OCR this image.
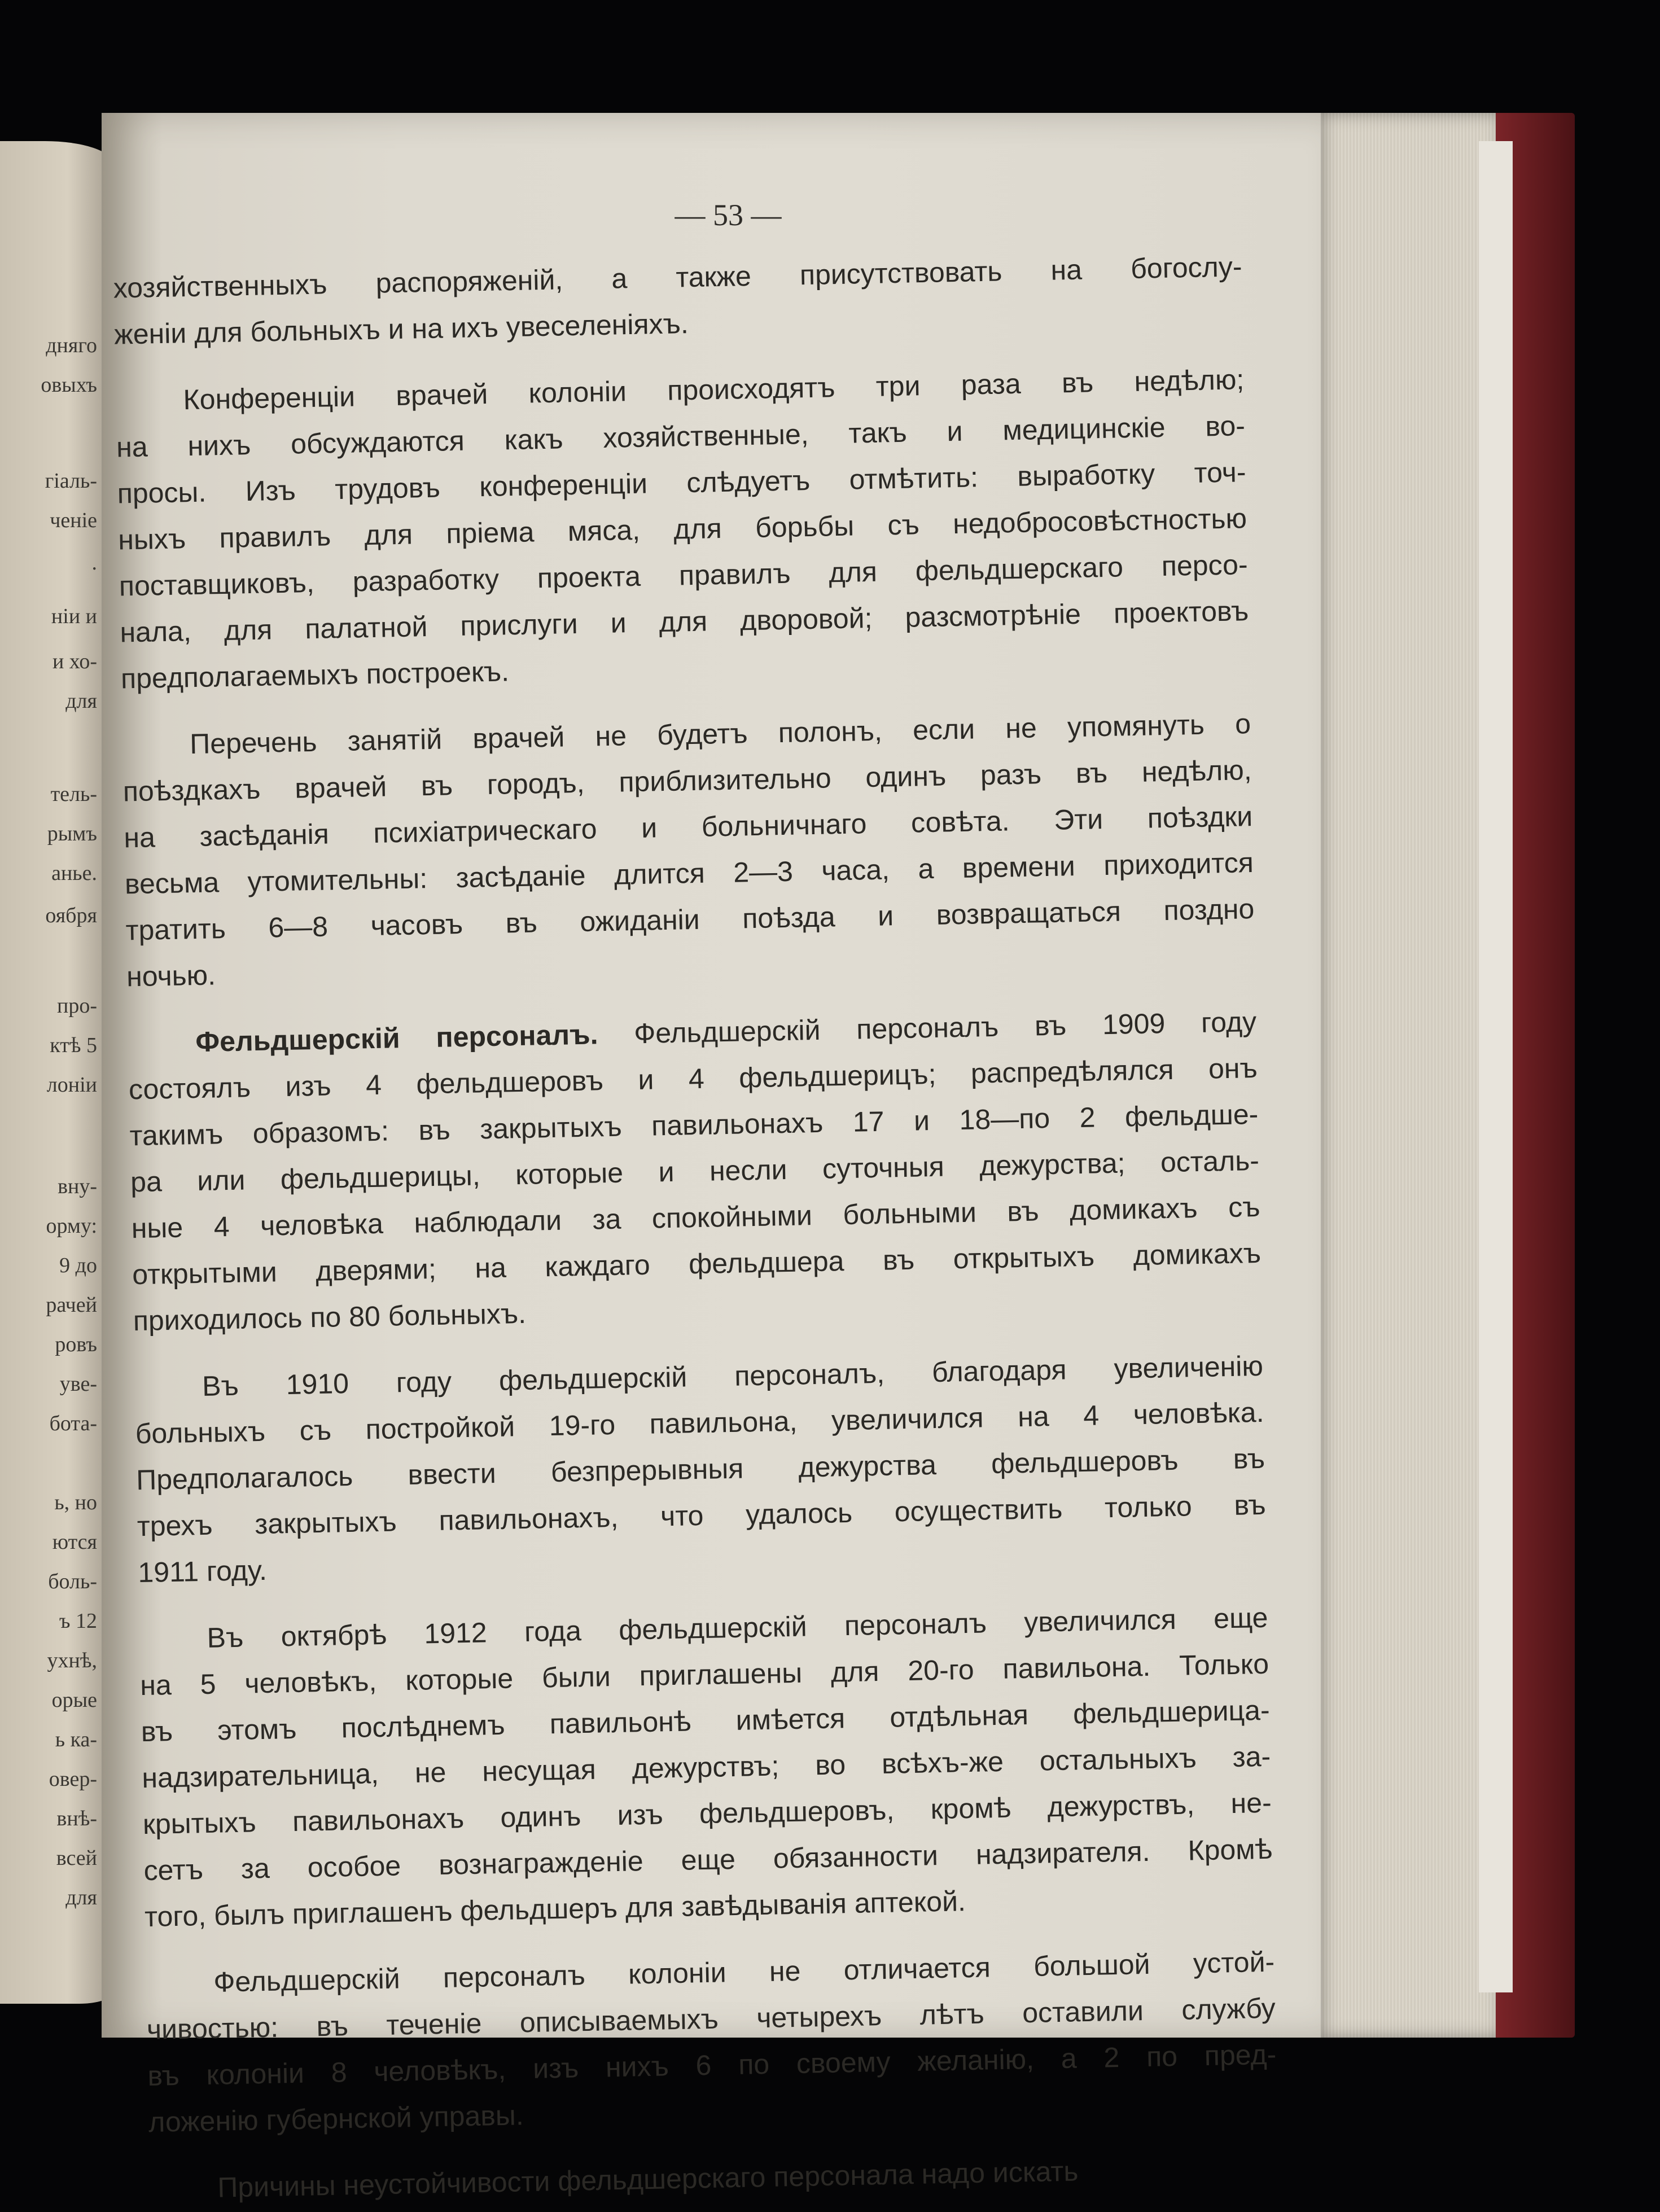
дняго
овыхъ
гiаль-
ченiе
.
нiи и
и хо-
для
тель-
рымъ
анье.
оября
про-
ктѣ 5
лонiи
вну-
орму:
9 до
рачей
ровъ
уве-
бота-
ь, но
ются
боль-
ъ 12
ухнѣ,
орые
ь ка-
овер-
внѣ-
всей
для
— 53 —
хозяйственныхъ распоряженiй, а также присутствовать на богослу-
женiи для больныхъ и на ихъ увеселенiяхъ.
Конференцiи врачей колонiи происходятъ три раза въ недѣлю;
на нихъ обсуждаются какъ хозяйственные, такъ и медицинскiе во-
просы. Изъ трудовъ конференцiи слѣдуетъ отмѣтить: выработку точ-
ныхъ правилъ для прiема мяса, для борьбы съ недобросовѣстностью
поставщиковъ, разработку проекта правилъ для фельдшерскаго персо-
нала, для палатной прислуги и для дворовой; разсмотрѣнiе проектовъ
предполагаемыхъ построекъ.
Перечень занятiй врачей не будетъ полонъ, если не упомянуть о
поѣздкахъ врачей въ городъ, приблизительно одинъ разъ въ недѣлю,
на засѣданiя психiатрическаго и больничнаго совѣта. Эти поѣздки
весьма утомительны: засѣданiе длится 2—3 часа, а времени приходится
тратить 6—8 часовъ въ ожиданiи поѣзда и возвращаться поздно
ночью.
Фельдшерскiй персоналъ. Фельдшерскiй персоналъ въ 1909 году
состоялъ изъ 4 фельдшеровъ и 4 фельдшерицъ; распредѣлялся онъ
такимъ образомъ: въ закрытыхъ павильонахъ 17 и 18—по 2 фельдше-
ра или фельдшерицы, которые и несли суточныя дежурства; осталь-
ные 4 человѣка наблюдали за спокойными больными въ домикахъ съ
открытыми дверями; на каждаго фельдшера въ открытыхъ домикахъ
приходилось по 80 больныхъ.
Въ 1910 году фельдшерскiй персоналъ, благодаря увеличенiю
больныхъ съ постройкой 19-го павильона, увеличился на 4 человѣка.
Предполагалось ввести безпрерывныя дежурства фельдшеровъ въ
трехъ закрытыхъ павильонахъ, что удалось осуществить только въ
1911 году.
Въ октябрѣ 1912 года фельдшерскiй персоналъ увеличился еще
на 5 человѣкъ, которые были приглашены для 20-го павильона. Только
въ этомъ послѣднемъ павильонѣ имѣется отдѣльная фельдшерица-
надзирательница, не несущая дежурствъ; во всѣхъ-же остальныхъ за-
крытыхъ павильонахъ одинъ изъ фельдшеровъ, кромѣ дежурствъ, не-
сетъ за особое вознагражденiе еще обязанности надзирателя. Кромѣ
того, былъ приглашенъ фельдшеръ для завѣдыванiя аптекой.
Фельдшерскiй персоналъ колонiи не отличается большой устой-
чивостью: въ теченiе описываемыхъ четырехъ лѣтъ оставили службу
въ колонiи 8 человѣкъ, изъ нихъ 6 по своему желанiю, а 2 по пред-
ложенiю губернской управы.
Причины неустойчивости фельдшерскаго персонала надо искать
